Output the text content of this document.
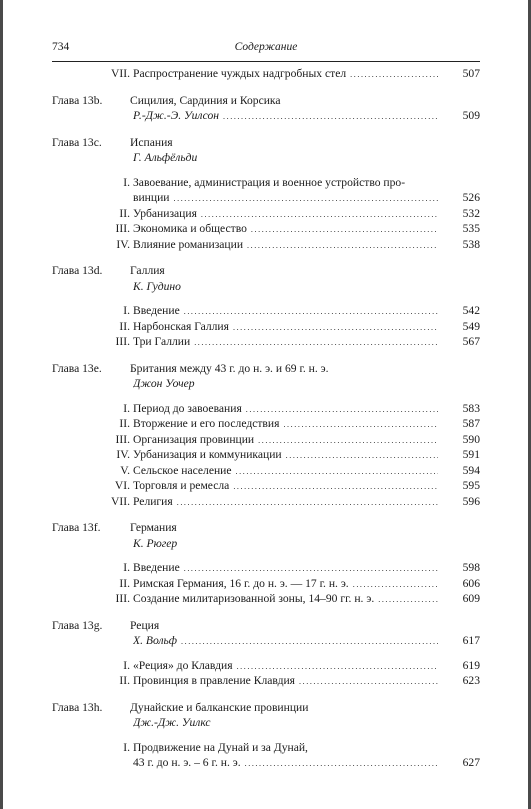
734	Содержание
VII. Распространение чуждых надгробных стел .....	507
Глава 13b.	Сицилия, Сардиния и Корсика
Р.-Дж.-Э. Уилсон .....	509
Глава 13c.	Испания
Г. Альфёльди
I. Завоевание, администрация и военное устройство про-
винции .....	526
II. Урбанизация .....	532
III. Экономика и общество .....	535
IV. Влияние романизации .....	538
Глава 13d.	Галлия
К. Гудино
I. Введение .....	542
II. Нарбонская Галлия .....	549
III. Три Галлии .....	567
Глава 13e.	Британия между 43 г. до н. э. и 69 г. н. э.
Джон Уочер
I. Период до завоевания .....	583
II. Вторжение и его последствия .....	587
III. Организация провинции .....	590
IV. Урбанизация и коммуникации .....	591
V. Сельское население .....	594
VI. Торговля и ремесла .....	595
VII. Религия .....	596
Глава 13f.	Германия
К. Рюгер
I. Введение .....	598
II. Римская Германия, 16 г. до н. э. — 17 г. н. э. .....	606
III. Создание милитаризованной зоны, 14–90 гг. н. э. .....	609
Глава 13g.	Реция
Х. Вольф .....	617
I. «Реция» до Клавдия .....	619
II. Провинция в правление Клавдия .....	623
Глава 13h.	Дунайские и балканские провинции
Дж.-Дж. Уилкс
I. Продвижение на Дунай и за Дунай,
43 г. до н. э. – 6 г. н. э. .....	627
